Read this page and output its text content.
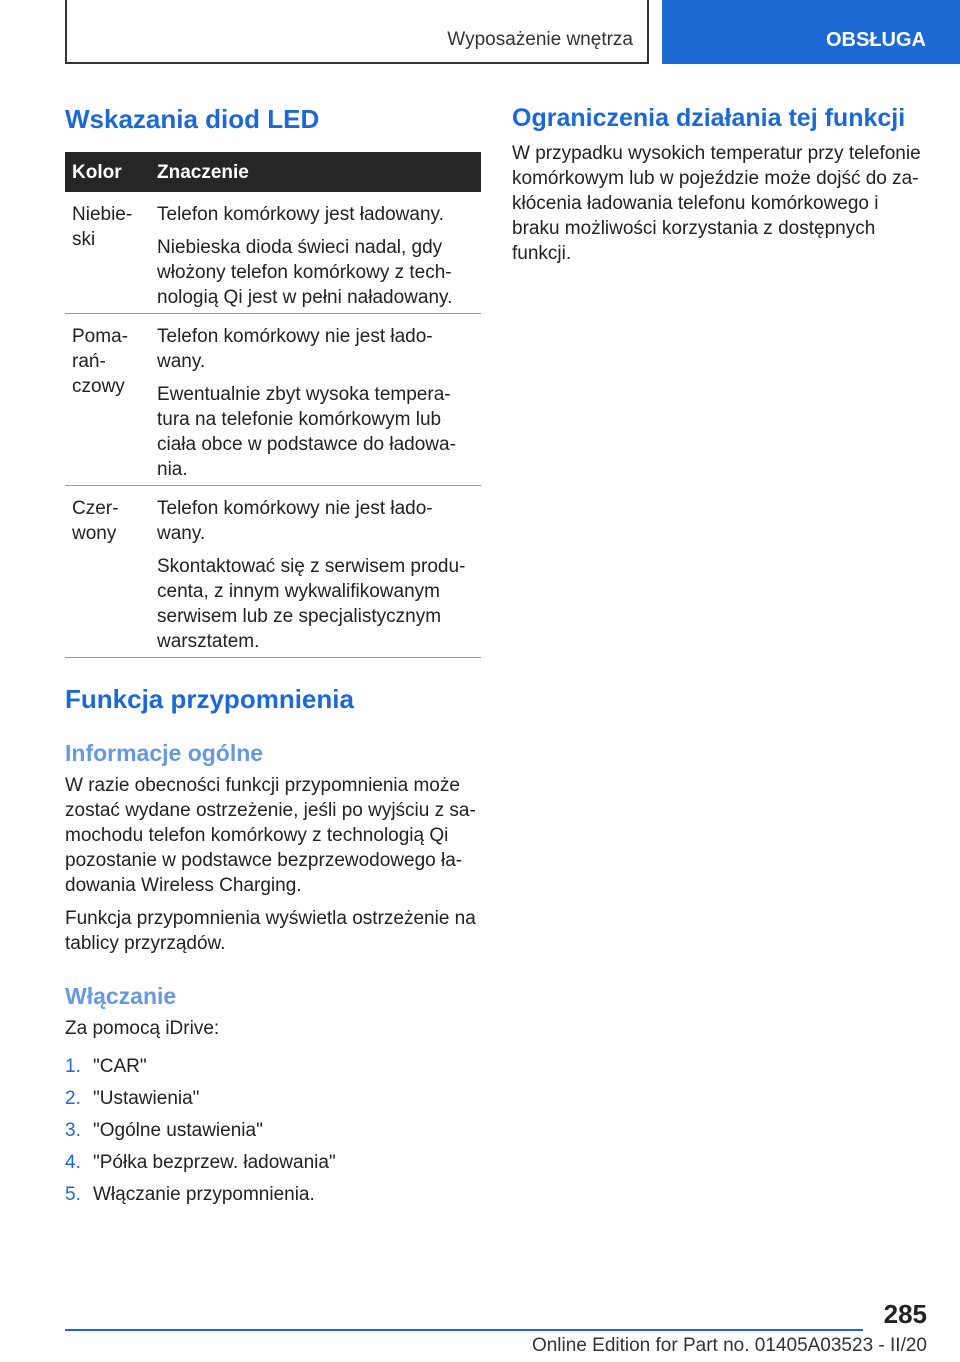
Wyposażenie wnętrza	OBSŁUGA
Wskazania diod LED
Kolor Znaczenie
Niebie-
ski

Telefon komórkowy jest ładowany.

Niebieska dioda świeci nadal, gdy włożony telefon komórkowy z tech-nologią Qi jest w pełni naładowany.

Poma-
rań-
czowy

Telefon komórkowy nie jest łado-wany.

Ewentualnie zbyt wysoka tempera-tura na telefonie komórkowym lub ciała obce w podstawce do ładowa-nia.

Czer-
wony

Telefon komórkowy nie jest łado-wany.

Skontaktować się z serwisem produ-centa, z innym wykwalifikowanym serwisem lub ze specjalistycznym warsztatem.

Funkcja przypomnienia
Informacje ogólne

W razie obecności funkcji przypomnienia może zostać wydane ostrzeżenie, jeśli po wyjściu z sa-mochodu telefon komórkowy z technologią Qi pozostanie w podstawce bezprzewodowego ła-dowania Wireless Charging.

Funkcja przypomnienia wyświetla ostrzeżenie na tablicy przyrządów.

Włączanie

Za pomocą iDrive:

1. "CAR"
2. "Ustawienia"
3. "Ogólne ustawienia"
4. "Półka bezprzew. ładowania"
5. Włączanie przypomnienia.
Ograniczenia działania tej funkcji

W przypadku wysokich temperatur przy telefonie komórkowym lub w pojeździe może dojść do za-kłócenia ładowania telefonu komórkowego i braku możliwości korzystania z dostępnych funkcji.

285
Online Edition for Part no. 01405A03523 - II/20
